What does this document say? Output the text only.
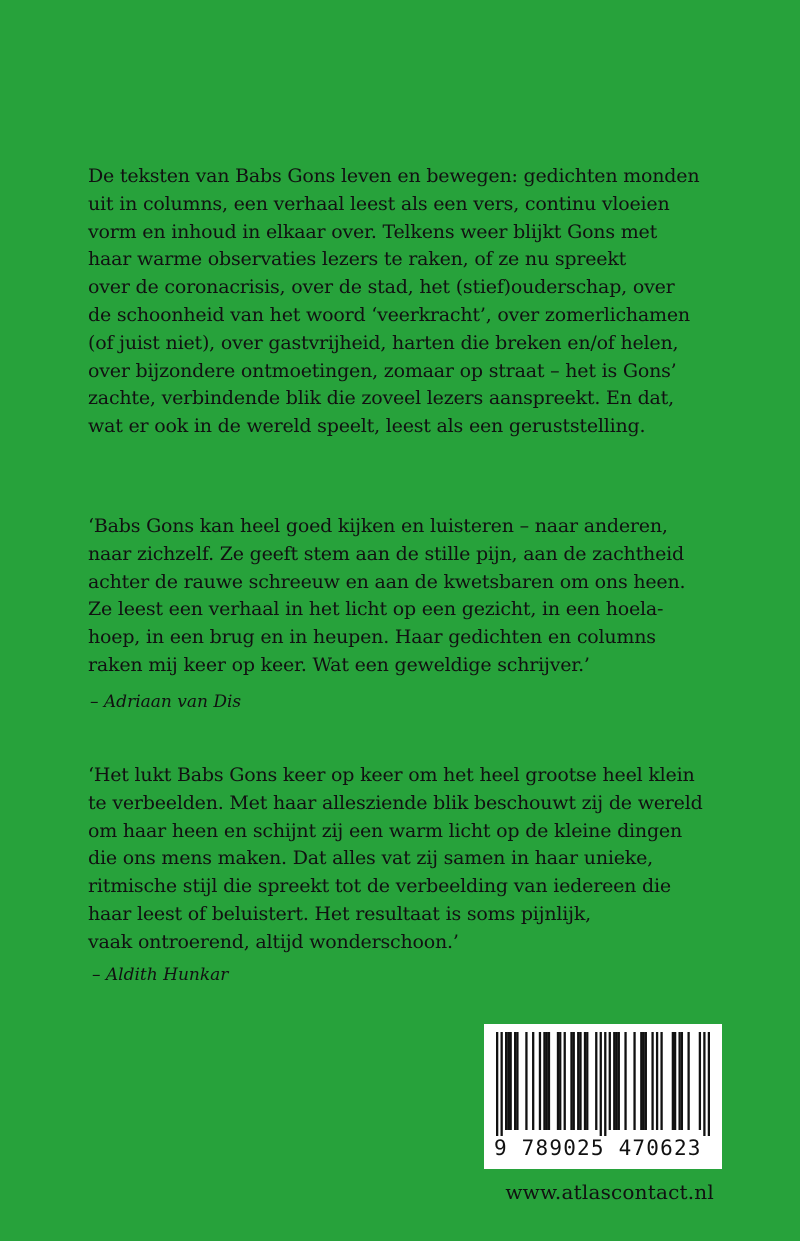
De teksten van Babs Gons leven en bewegen: gedichten monden
uit in columns, een verhaal leest als een vers, continu vloeien
vorm en inhoud in elkaar over. Telkens weer blijkt Gons met
haar warme observaties lezers te raken, of ze nu spreekt
over de coronacrisis, over de stad, het (stief)ouderschap, over
de schoonheid van het woord ‘veerkracht’, over zomerlichamen
(of juist niet), over gastvrijheid, harten die breken en/of helen,
over bijzondere ontmoetingen, zomaar op straat – het is Gons’
zachte, verbindende blik die zoveel lezers aanspreekt. En dat,
wat er ook in de wereld speelt, leest als een geruststelling.
‘Babs Gons kan heel goed kijken en luisteren – naar anderen,
naar zichzelf. Ze geeft stem aan de stille pijn, aan de zachtheid
achter de rauwe schreeuw en aan de kwetsbaren om ons heen.
Ze leest een verhaal in het licht op een gezicht, in een hoela-
hoep, in een brug en in heupen. Haar gedichten en columns
raken mij keer op keer. Wat een geweldige schrijver.’

– Adriaan van Dis

‘Het lukt Babs Gons keer op keer om het heel grootse heel klein
te verbeelden. Met haar allesziende blik beschouwt zij de wereld
om haar heen en schijnt zij een warm licht op de kleine dingen
die ons mens maken. Dat alles vat zij samen in haar unieke,
ritmische stijl die spreekt tot de verbeelding van iedereen die
haar leest of beluistert. Het resultaat is soms pijnlijk,
vaak ontroerend, altijd wonderschoon.’

– Aldith Hunkar

9 789025 470623
www.atlascontact.nl
